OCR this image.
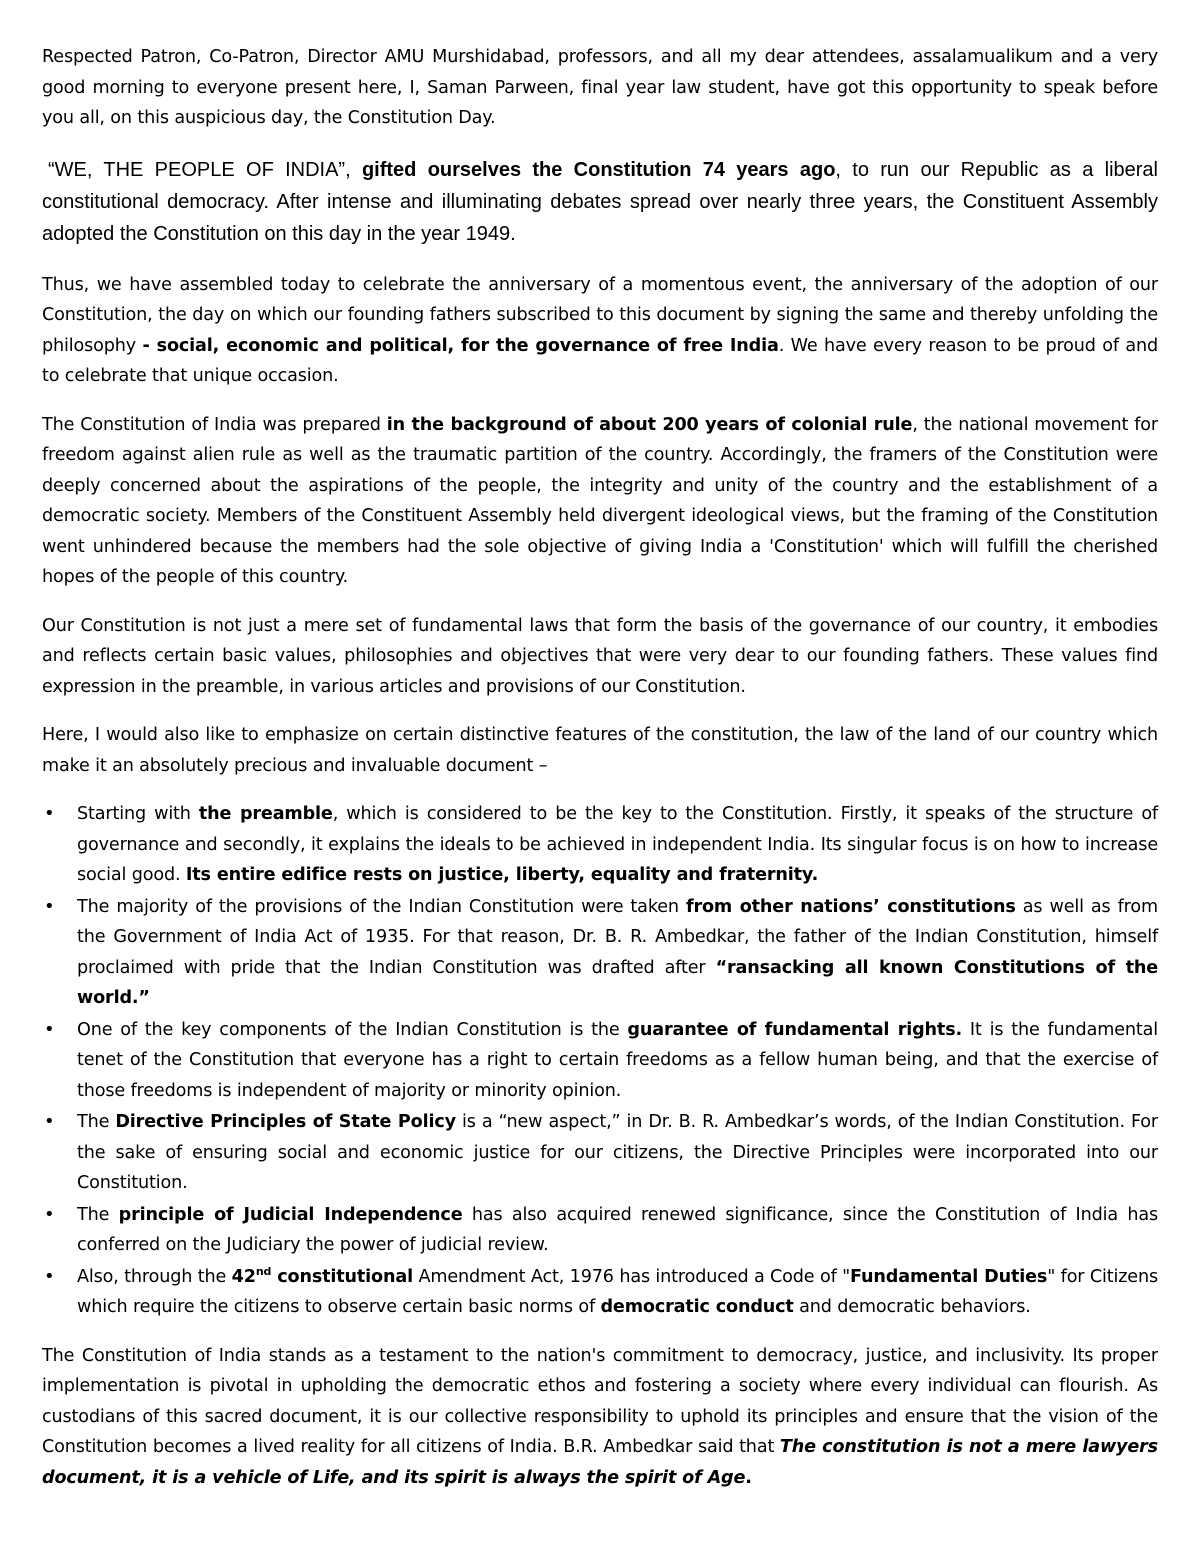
Respected Patron, Co-Patron, Director AMU Murshidabad, professors, and all my dear attendees, assalamualikum and a very good morning to everyone present here, I, Saman Parween, final year law student, have got this opportunity to speak before you all, on this auspicious day, the Constitution Day.

“WE, THE PEOPLE OF INDIA”, gifted ourselves the Constitution 74 years ago, to run our Republic as a liberal constitutional democracy. After intense and illuminating debates spread over nearly three years, the Constituent Assembly adopted the Constitution on this day in the year 1949.

Thus, we have assembled today to celebrate the anniversary of a momentous event, the anniversary of the adoption of our Constitution, the day on which our founding fathers subscribed to this document by signing the same and thereby unfolding the philosophy - social, economic and political, for the governance of free India. We have every reason to be proud of and to celebrate that unique occasion.

The Constitution of India was prepared in the background of about 200 years of colonial rule, the national movement for freedom against alien rule as well as the traumatic partition of the country. Accordingly, the framers of the Constitution were deeply concerned about the aspirations of the people, the integrity and unity of the country and the establishment of a democratic society. Members of the Constituent Assembly held divergent ideological views, but the framing of the Constitution went unhindered because the members had the sole objective of giving India a 'Constitution' which will fulfill the cherished hopes of the people of this country.

Our Constitution is not just a mere set of fundamental laws that form the basis of the governance of our country, it embodies and reflects certain basic values, philosophies and objectives that were very dear to our founding fathers. These values find expression in the preamble, in various articles and provisions of our Constitution.

Here, I would also like to emphasize on certain distinctive features of the constitution, the law of the land of our country which make it an absolutely precious and invaluable document –

• Starting with the preamble, which is considered to be the key to the Constitution. Firstly, it speaks of the structure of governance and secondly, it explains the ideals to be achieved in independent India. Its singular focus is on how to increase social good. Its entire edifice rests on justice, liberty, equality and fraternity.
• The majority of the provisions of the Indian Constitution were taken from other nations’ constitutions as well as from the Government of India Act of 1935. For that reason, Dr. B. R. Ambedkar, the father of the Indian Constitution, himself proclaimed with pride that the Indian Constitution was drafted after “ransacking all known Constitutions of the world.”
• One of the key components of the Indian Constitution is the guarantee of fundamental rights. It is the fundamental tenet of the Constitution that everyone has a right to certain freedoms as a fellow human being, and that the exercise of those freedoms is independent of majority or minority opinion.
• The Directive Principles of State Policy is a “new aspect,” in Dr. B. R. Ambedkar’s words, of the Indian Constitution. For the sake of ensuring social and economic justice for our citizens, the Directive Principles were incorporated into our Constitution.
• The principle of Judicial Independence has also acquired renewed significance, since the Constitution of India has conferred on the Judiciary the power of judicial review.
• Also, through the 42nd constitutional Amendment Act, 1976 has introduced a Code of "Fundamental Duties" for Citizens which require the citizens to observe certain basic norms of democratic conduct and democratic behaviors.

The Constitution of India stands as a testament to the nation's commitment to democracy, justice, and inclusivity. Its proper implementation is pivotal in upholding the democratic ethos and fostering a society where every individual can flourish. As custodians of this sacred document, it is our collective responsibility to uphold its principles and ensure that the vision of the Constitution becomes a lived reality for all citizens of India. B.R. Ambedkar said that The constitution is not a mere lawyers document, it is a vehicle of Life, and its spirit is always the spirit of Age.
